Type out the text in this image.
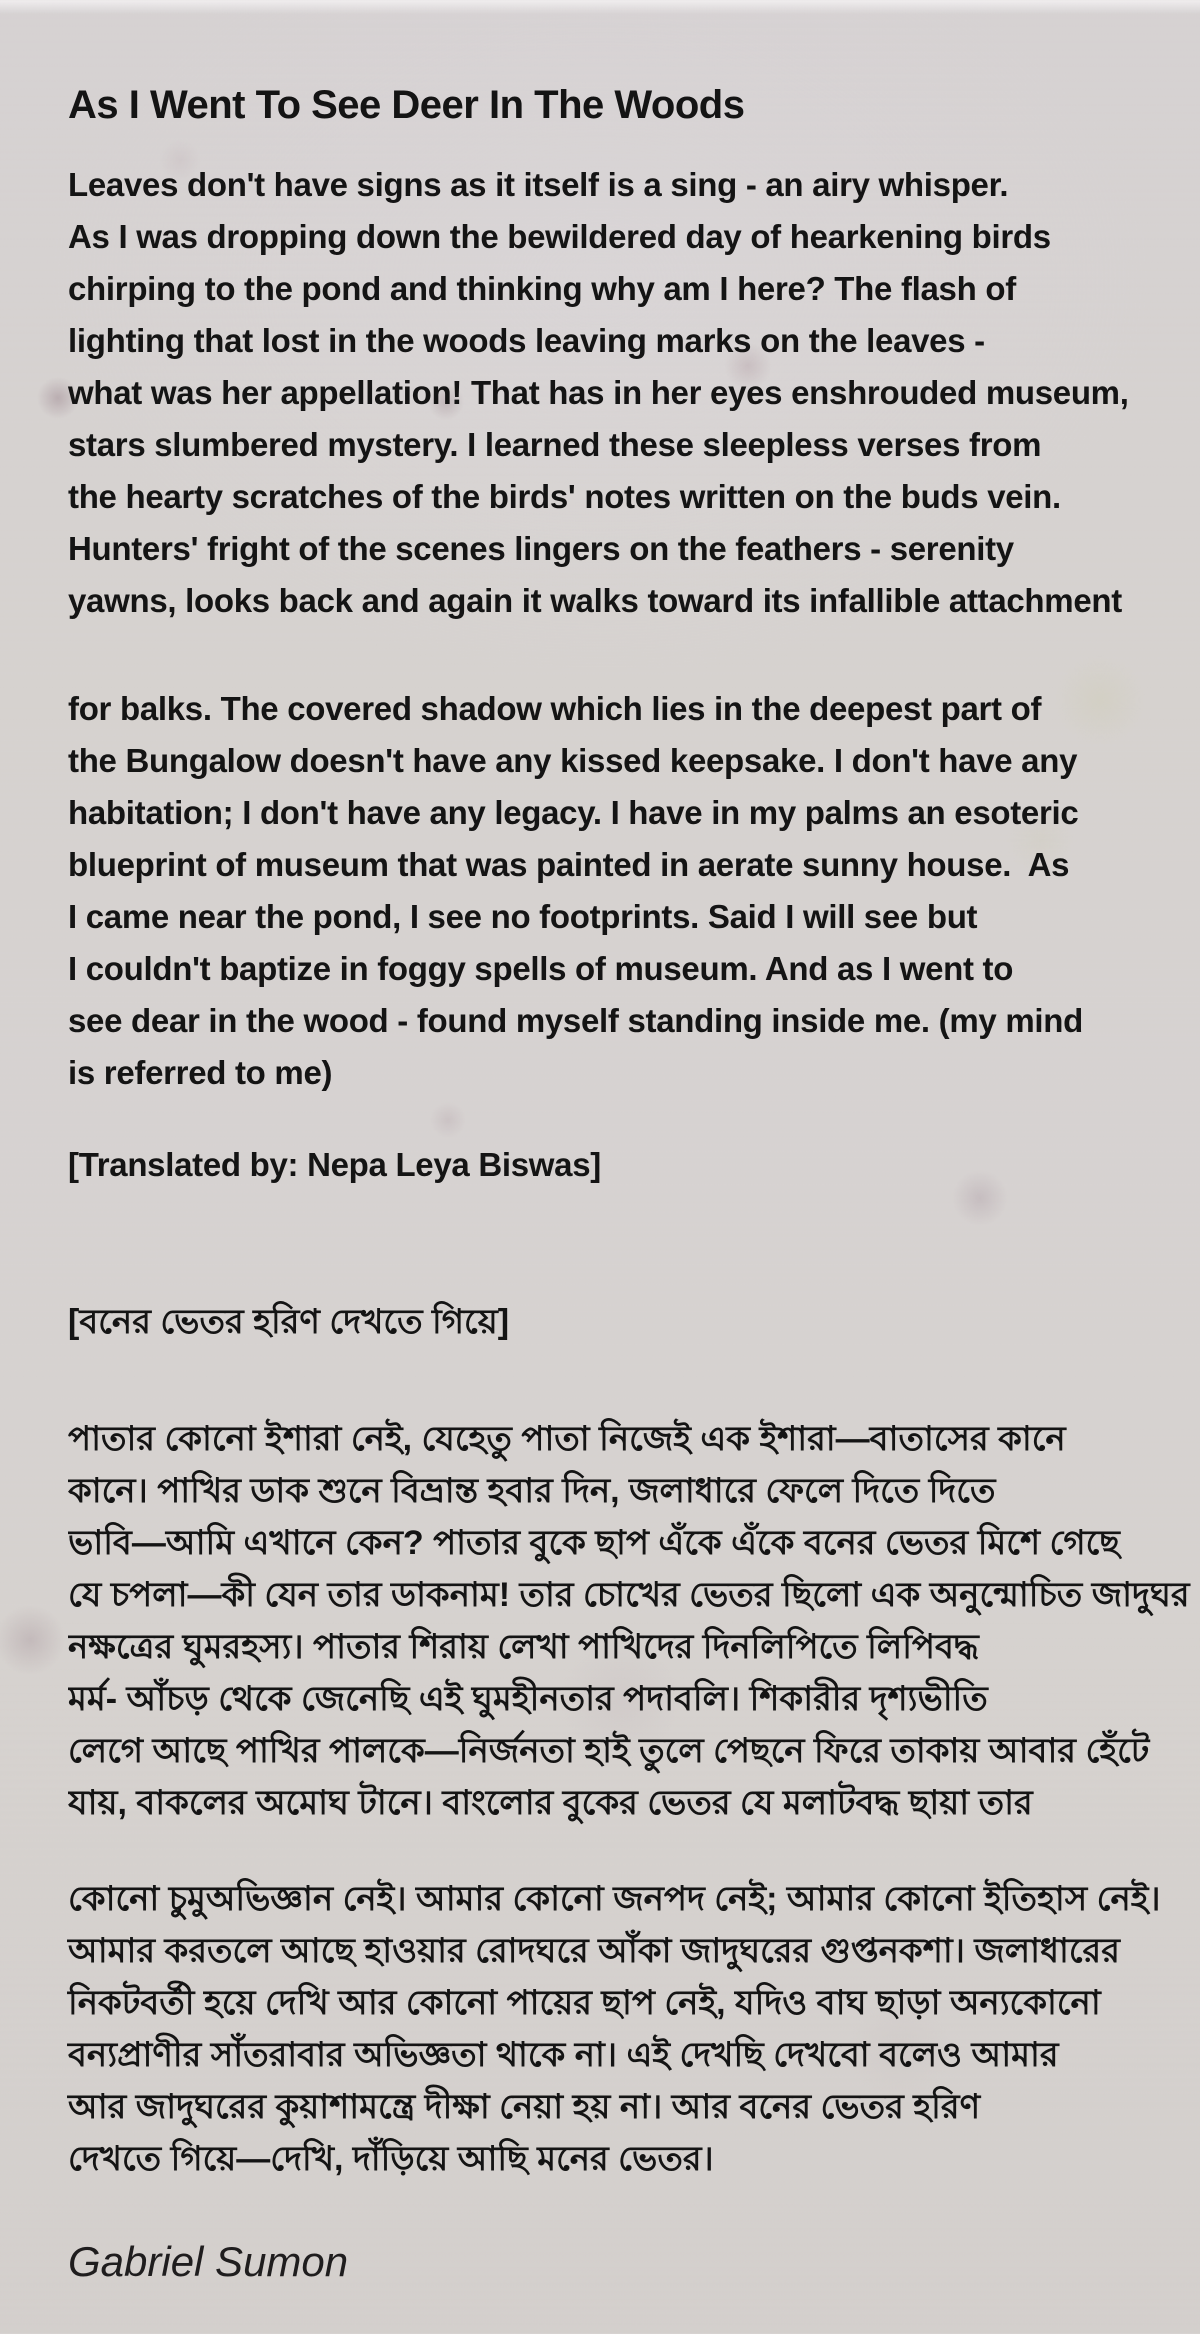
As I Went To See Deer In The Woods
Leaves don't have signs as it itself is a sing - an airy whisper.
As I was dropping down the bewildered day of hearkening birds
chirping to the pond and thinking why am I here? The flash of
lighting that lost in the woods leaving marks on the leaves -
what was her appellation! That has in her eyes enshrouded museum,
stars slumbered mystery. I learned these sleepless verses from
the hearty scratches of the birds' notes written on the buds vein.
Hunters' fright of the scenes lingers on the feathers - serenity
yawns, looks back and again it walks toward its infallible attachment
for balks. The covered shadow which lies in the deepest part of
the Bungalow doesn't have any kissed keepsake. I don't have any
habitation; I don't have any legacy. I have in my palms an esoteric
blueprint of museum that was painted in aerate sunny house.  As
I came near the pond, I see no footprints. Said I will see but
I couldn't baptize in foggy spells of museum. And as I went to
see dear in the wood - found myself standing inside me. (my mind
is referred to me)
[Translated by: Nepa Leya Biswas]
[বনের ভেতর হরিণ দেখতে গিয়ে]
পাতার কোনো ইশারা নেই, যেহেতু পাতা নিজেই এক ইশারা—বাতাসের কানে
কানে। পাখির ডাক শুনে বিভ্রান্ত হবার দিন, জলাধারে ফেলে দিতে দিতে
ভাবি—আমি এখানে কেন? পাতার বুকে ছাপ এঁকে এঁকে বনের ভেতর মিশে গেছে
যে চপলা—কী যেন তার ডাকনাম! তার চোখের ভেতর ছিলো এক অনুন্মোচিত জাদুঘর
নক্ষত্রের ঘুমরহস্য। পাতার শিরায় লেখা পাখিদের দিনলিপিতে লিপিবদ্ধ
মর্ম- আঁচড় থেকে জেনেছি এই ঘুমহীনতার পদাবলি। শিকারীর দৃশ্যভীতি
লেগে আছে পাখির পালকে—নির্জনতা হাই তুলে পেছনে ফিরে তাকায় আবার হেঁটে
যায়, বাকলের অমোঘ টানে। বাংলোর বুকের ভেতর যে মলাটবদ্ধ ছায়া তার
কোনো চুমুঅভিজ্ঞান নেই। আমার কোনো জনপদ নেই; আমার কোনো ইতিহাস নেই।
আমার করতলে আছে হাওয়ার রোদঘরে আঁকা জাদুঘরের গুপ্তনকশা। জলাধারের
নিকটবর্তী হয়ে দেখি আর কোনো পায়ের ছাপ নেই, যদিও বাঘ ছাড়া অন্যকোনো
বন্যপ্রাণীর সাঁতরাবার অভিজ্ঞতা থাকে না। এই দেখছি দেখবো বলেও আমার
আর জাদুঘরের কুয়াশামন্ত্রে দীক্ষা নেয়া হয় না। আর বনের ভেতর হরিণ
দেখতে গিয়ে—দেখি, দাঁড়িয়ে আছি মনের ভেতর।
Gabriel Sumon
